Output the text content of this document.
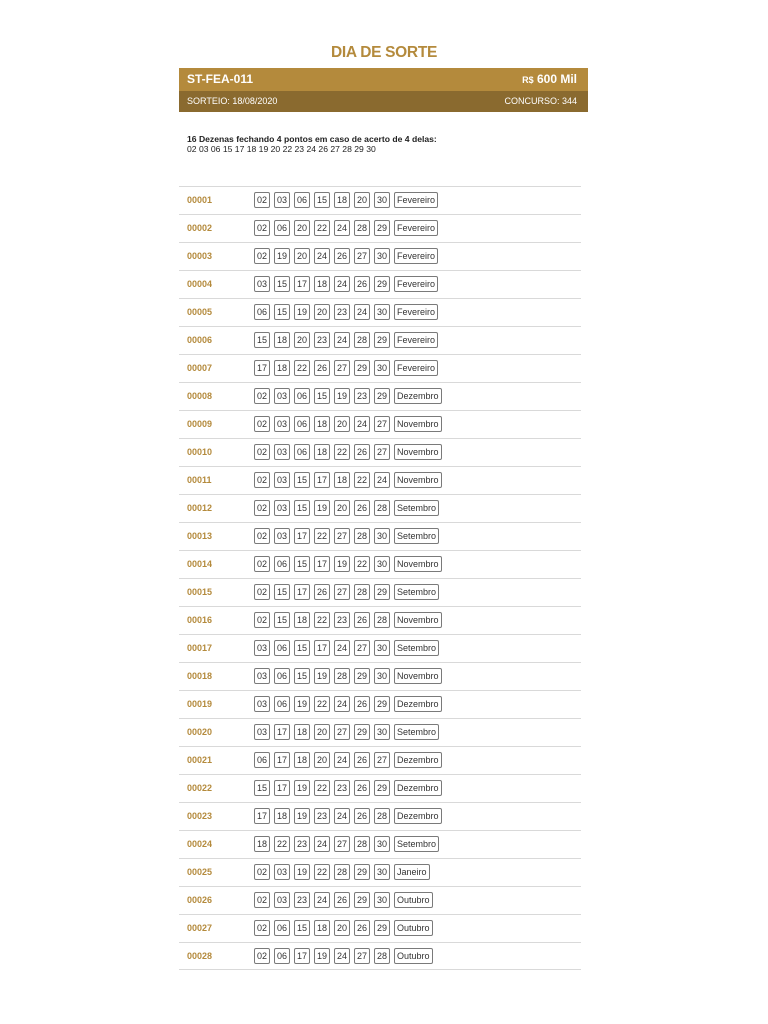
DIA DE SORTE
ST-FEA-011	R$ 600 Mil
SORTEIO: 18/08/2020	CONCURSO: 344
16 Dezenas fechando 4 pontos em caso de acerto de 4 delas:
02 03 06 15 17 18 19 20 22 23 24 26 27 28 29 30
00001	02	03	06	15	18	20	30	Fevereiro
00002	02	06	20	22	24	28	29	Fevereiro
00003	02	19	20	24	26	27	30	Fevereiro
00004	03	15	17	18	24	26	29	Fevereiro
00005	06	15	19	20	23	24	30	Fevereiro
00006	15	18	20	23	24	28	29	Fevereiro
00007	17	18	22	26	27	29	30	Fevereiro
00008	02	03	06	15	19	23	29	Dezembro
00009	02	03	06	18	20	24	27	Novembro
00010	02	03	06	18	22	26	27	Novembro
00011	02	03	15	17	18	22	24	Novembro
00012	02	03	15	19	20	26	28	Setembro
00013	02	03	17	22	27	28	30	Setembro
00014	02	06	15	17	19	22	30	Novembro
00015	02	15	17	26	27	28	29	Setembro
00016	02	15	18	22	23	26	28	Novembro
00017	03	06	15	17	24	27	30	Setembro
00018	03	06	15	19	28	29	30	Novembro
00019	03	06	19	22	24	26	29	Dezembro
00020	03	17	18	20	27	29	30	Setembro
00021	06	17	18	20	24	26	27	Dezembro
00022	15	17	19	22	23	26	29	Dezembro
00023	17	18	19	23	24	26	28	Dezembro
00024	18	22	23	24	27	28	30	Setembro
00025	02	03	19	22	28	29	30	Janeiro
00026	02	03	23	24	26	29	30	Outubro
00027	02	06	15	18	20	26	29	Outubro
00028	02	06	17	19	24	27	28	Outubro
